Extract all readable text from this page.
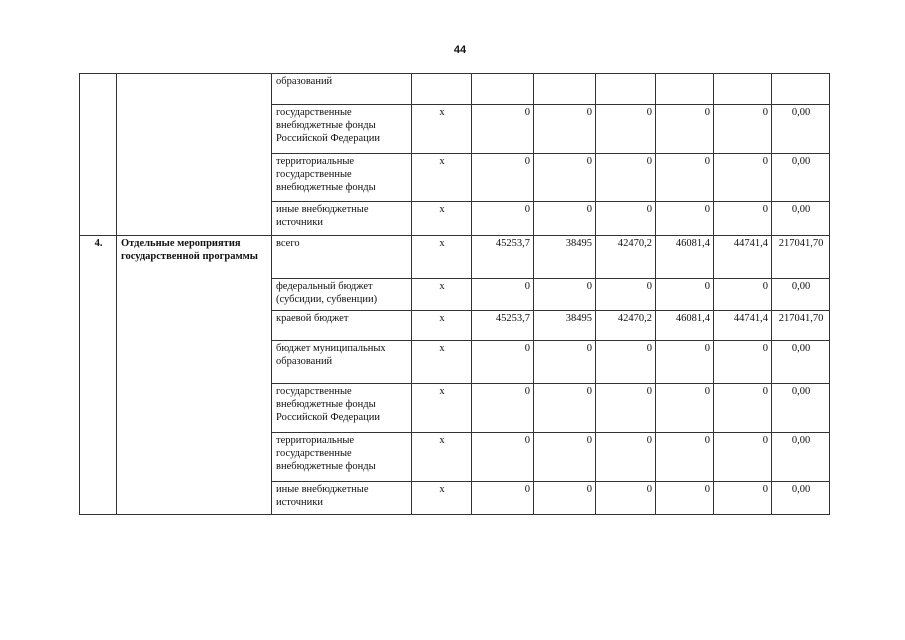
44
		образований							
		государственные внебюджетные фонды Российской Федерации	х	0	0	0	0	0	0,00
		территориальные государственные внебюджетные фонды	х	0	0	0	0	0	0,00
		иные внебюджетные источники	х	0	0	0	0	0	0,00
4.	Отдельные мероприятия государственной программы	всего	х	45253,7	38495	42470,2	46081,4	44741,4	217041,70
		федеральный бюджет (субсидии, субвенции)	х	0	0	0	0	0	0,00
		краевой бюджет	х	45253,7	38495	42470,2	46081,4	44741,4	217041,70
		бюджет муниципальных образований	х	0	0	0	0	0	0,00
		государственные внебюджетные фонды Российской Федерации	х	0	0	0	0	0	0,00
		территориальные государственные внебюджетные фонды	х	0	0	0	0	0	0,00
		иные внебюджетные источники	х	0	0	0	0	0	0,00
